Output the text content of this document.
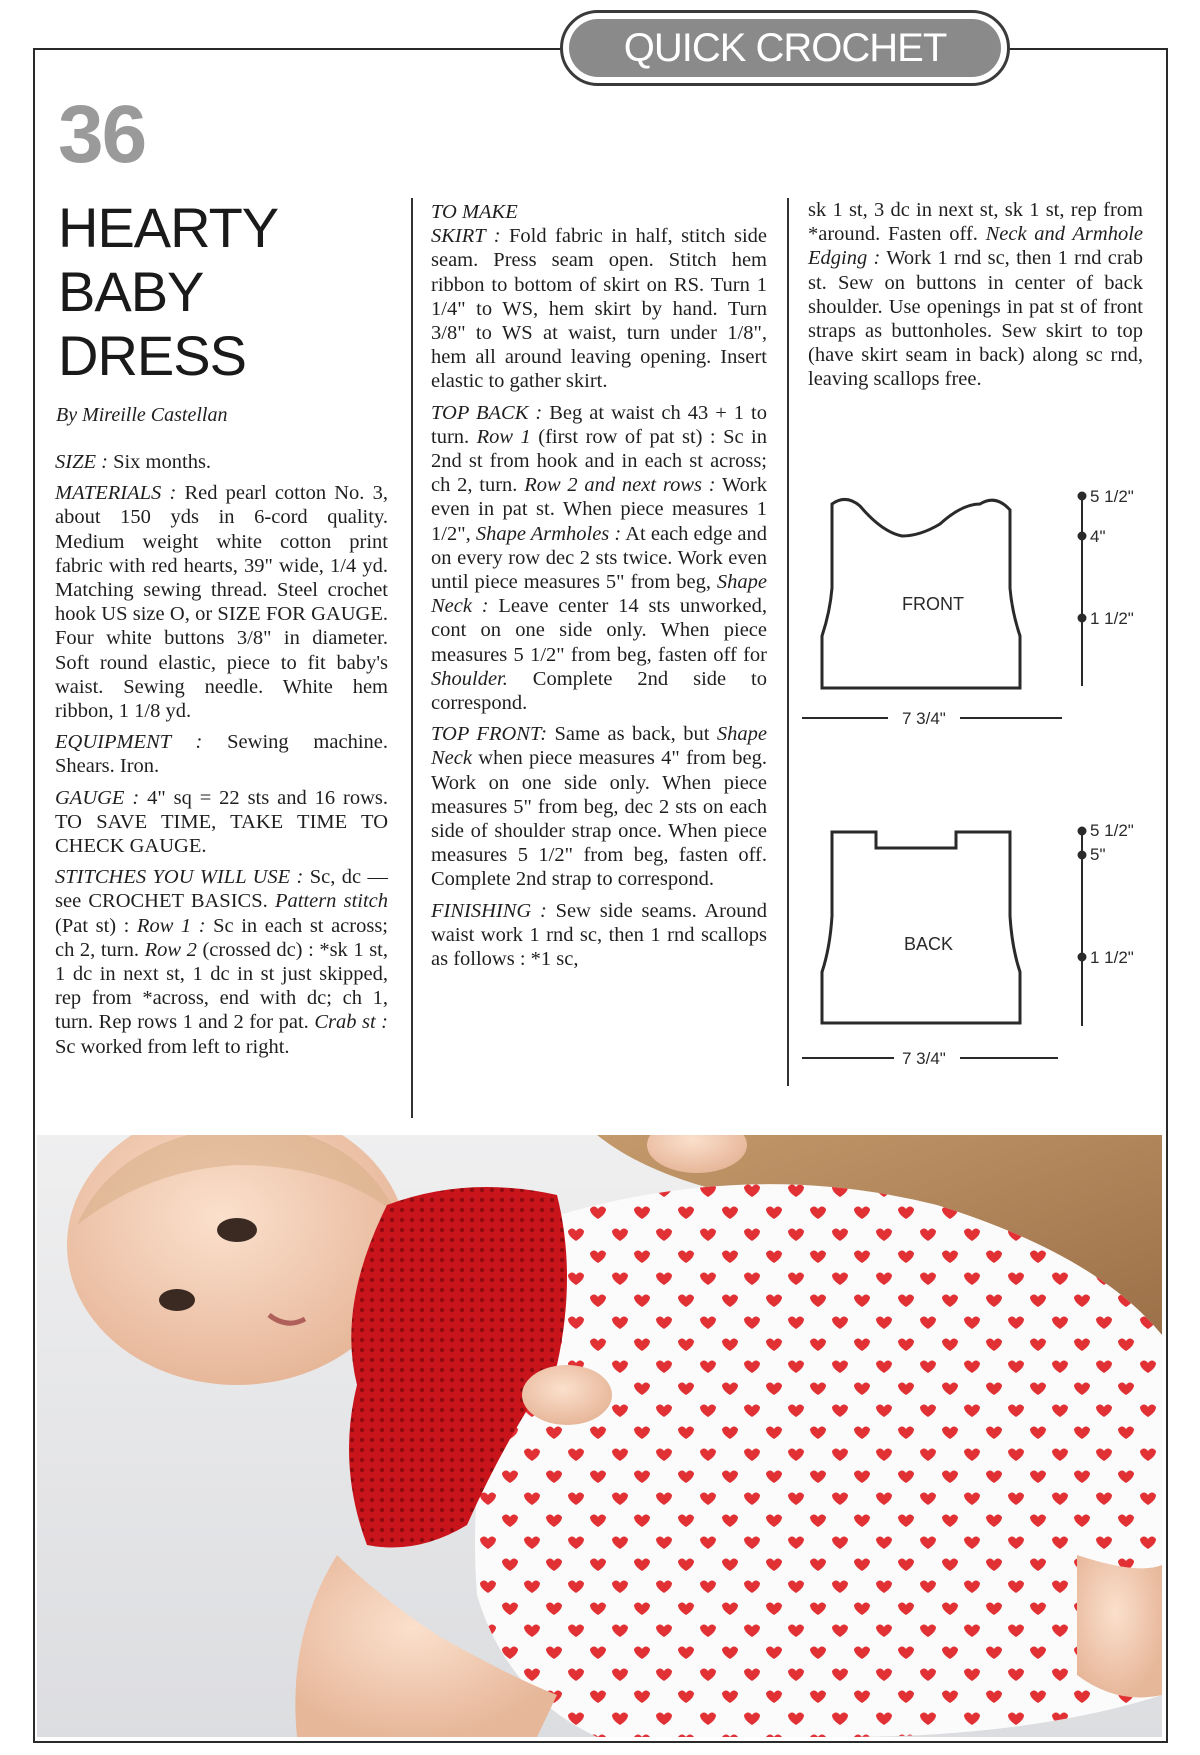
QUICK CROCHET
36
HEARTY
BABY
DRESS
By Mireille Castellan

SIZE : Six months.

MATERIALS : Red pearl cotton No. 3, about 150 yds in 6-cord quality. Medium weight white cotton print fabric with red hearts, 39" wide, 1/4 yd. Matching sewing thread. Steel crochet hook US size O, or SIZE FOR GAUGE. Four white buttons 3/8" in diameter. Soft round elastic, piece to fit baby's waist. Sewing needle. White hem ribbon, 1 1/8 yd.

EQUIPMENT : Sewing machine. Shears. Iron.

GAUGE : 4" sq = 22 sts and 16 rows. TO SAVE TIME, TAKE TIME TO CHECK GAUGE.

STITCHES YOU WILL USE : Sc, dc — see CROCHET BASICS. Pattern stitch (Pat st) : Row 1 : Sc in each st across; ch 2, turn. Row 2 (crossed dc) : *sk 1 st, 1 dc in next st, 1 dc in st just skipped, rep from *across, end with dc; ch 1, turn. Rep rows 1 and 2 for pat. Crab st : Sc worked from left to right.

TO MAKE

SKIRT : Fold fabric in half, stitch side seam. Press seam open. Stitch hem ribbon to bottom of skirt on RS. Turn 1 1/4" to WS, hem skirt by hand. Turn 3/8" to WS at waist, turn under 1/8", hem all around leaving opening. Insert elastic to gather skirt.

TOP BACK : Beg at waist ch 43 + 1 to turn. Row 1 (first row of pat st) : Sc in 2nd st from hook and in each st across; ch 2, turn. Row 2 and next rows : Work even in pat st. When piece measures 1 1/2", Shape Armholes : At each edge and on every row dec 2 sts twice. Work even until piece measures 5" from beg, Shape Neck : Leave center 14 sts unworked, cont on one side only. When piece measures 5 1/2" from beg, fasten off for Shoulder. Complete 2nd side to correspond.

TOP FRONT: Same as back, but Shape Neck when piece measures 4" from beg. Work on one side only. When piece measures 5" from beg, dec 2 sts on each side of shoulder strap once. When piece measures 5 1/2" from beg, fasten off. Complete 2nd strap to correspond.

FINISHING : Sew side seams. Around waist work 1 rnd sc, then 1 rnd scallops as follows : *1 sc,

sk 1 st, 3 dc in next st, sk 1 st, rep from *around. Fasten off. Neck and Armhole Edging : Work 1 rnd sc, then 1 rnd crab st. Sew on buttons in center of back shoulder. Use openings in pat st of front straps as buttonholes. Sew skirt to top (have skirt seam in back) along sc rnd, leaving scallops free.

FRONT
BACK
5 1/2"
4"
1 1/2"
7 3/4"
5 1/2"
5"
1 1/2"
7 3/4"
